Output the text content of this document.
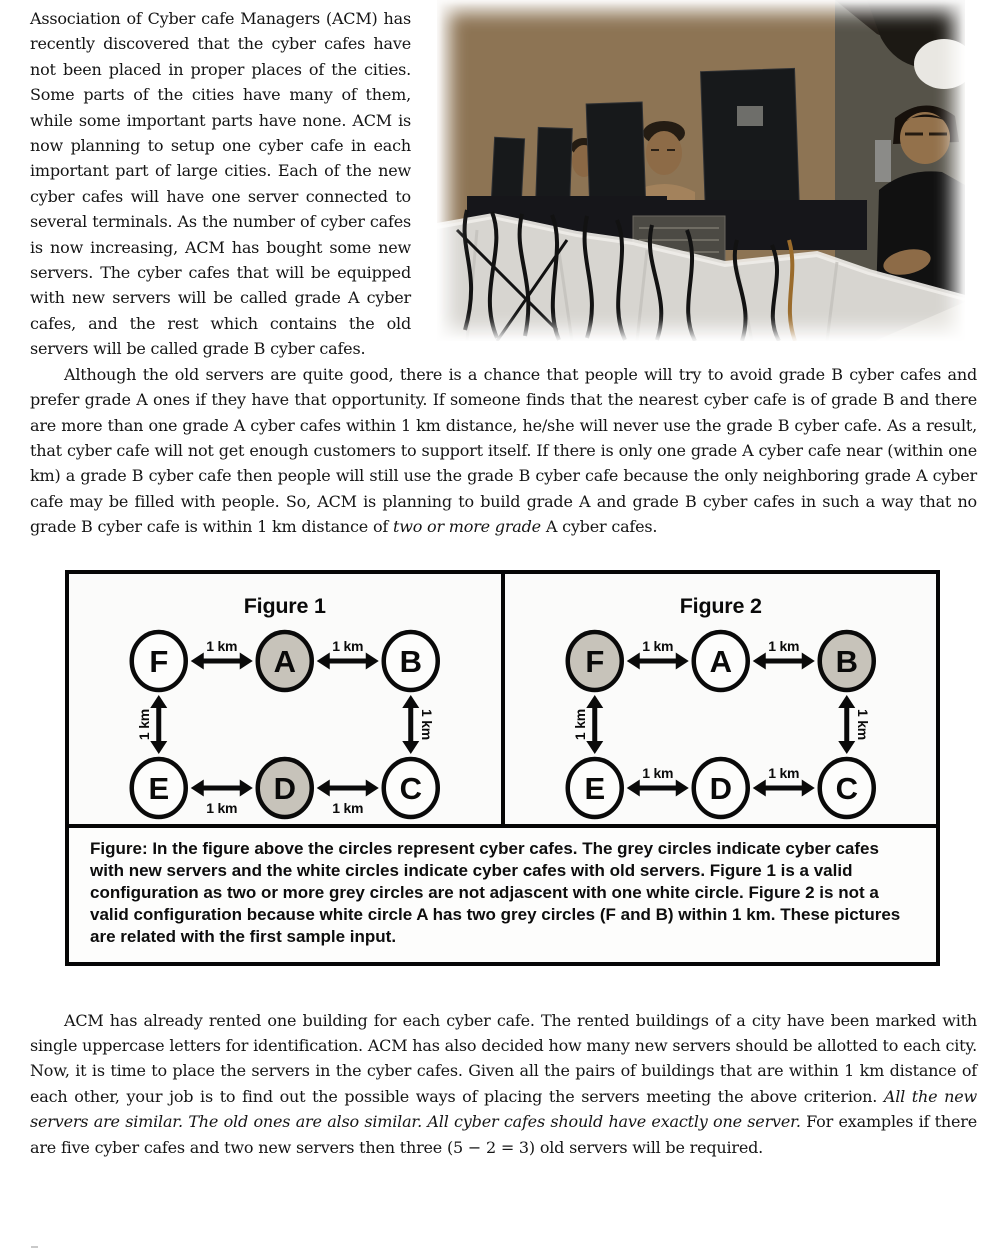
Association of Cyber cafe Managers (ACM) has recently discovered that the cyber cafes have not been placed in proper places of the cities. Some parts of the cities have many of them, while some important parts have none. ACM is now planning to setup one cyber cafe in each important part of large cities. Each of the new cyber cafes will have one server connected to several terminals. As the number of cyber cafes is now increasing, ACM has bought some new servers. The cyber cafes that will be equipped with new servers will be called grade A cyber cafes, and the rest which contains the old servers will be called grade B cyber cafes.

Although the old servers are quite good, there is a chance that people will try to avoid grade B cyber cafes and prefer grade A ones if they have that opportunity. If someone finds that the nearest cyber cafe is of grade B and there are more than one grade A cyber cafes within 1 km distance, he/she will never use the grade B cyber cafe. As a result, that cyber cafe will not get enough customers to support itself. If there is only one grade A cyber cafe near (within one km) a grade B cyber cafe then people will still use the grade B cyber cafe because the only neighboring grade A cyber cafe may be filled with people. So, ACM is planning to build grade A and grade B cyber cafes in such a way that no grade B cyber cafe is within 1 km distance of two or more grade A cyber cafes.

Figure 1
1 km	1 km
1 km	1 km
1 km	1 km
F	A	B
E	D	C
Figure 2
1 km	1 km
1 km	1 km
1 km	1 km
F	A	B
E	D	C
Figure: In the figure above the circles represent cyber cafes. The grey circles indicate cyber cafes with new servers and the white circles indicate cyber cafes with old servers. Figure 1 is a valid configuration as two or more grey circles are not adjascent with one white circle. Figure 2 is not a valid configuration because white circle A has two grey circles (F and B) within 1 km. These pictures are related with the first sample input.

ACM has already rented one building for each cyber cafe. The rented buildings of a city have been marked with single uppercase letters for identification. ACM has also decided how many new servers should be allotted to each city. Now, it is time to place the servers in the cyber cafes. Given all the pairs of buildings that are within 1 km distance of each other, your job is to find out the possible ways of placing the servers meeting the above criterion. All the new servers are similar. The old ones are also similar. All cyber cafes should have exactly one server. For examples if there are five cyber cafes and two new servers then three (5 − 2 = 3) old servers will be required.
